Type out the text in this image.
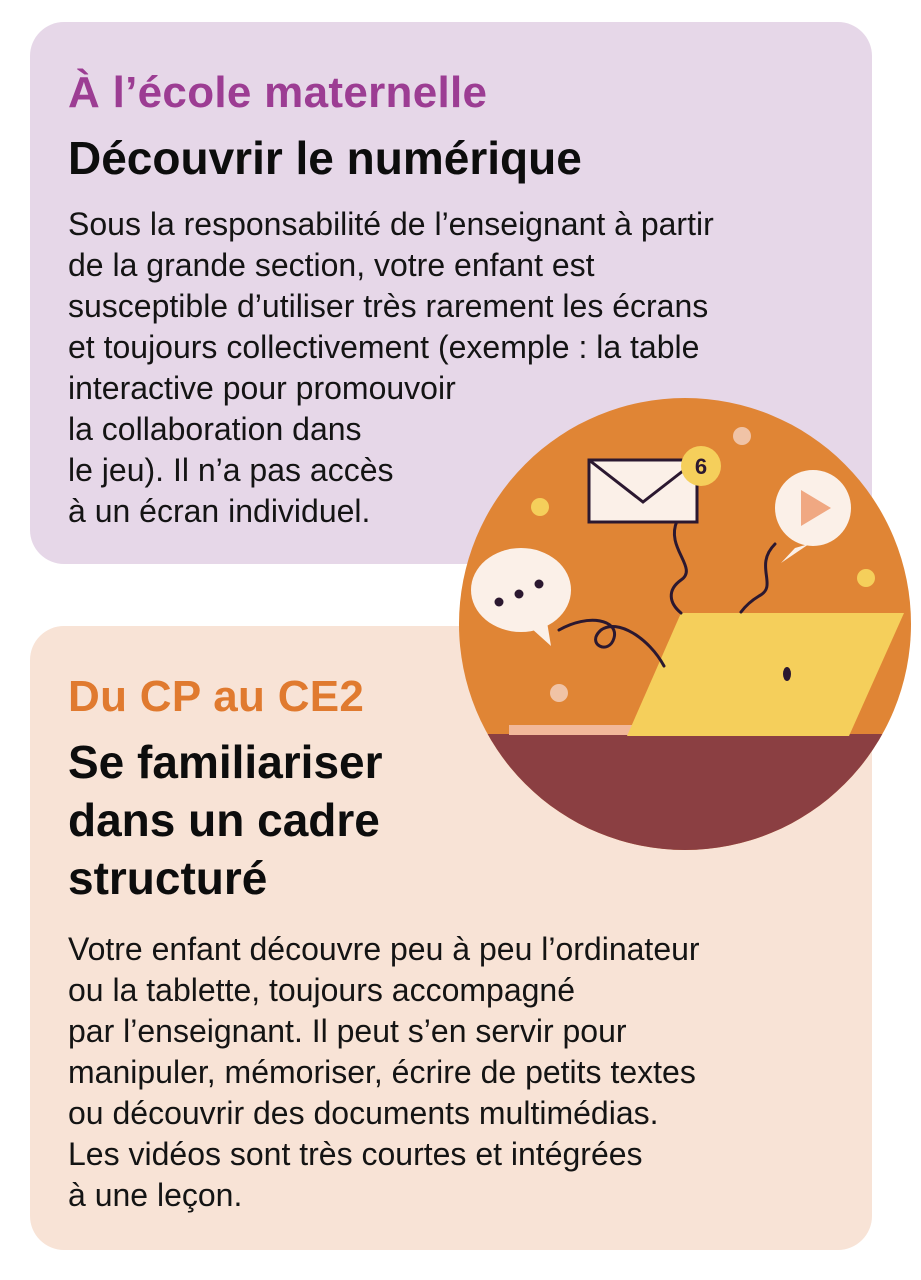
À l’école maternelle
Découvrir le numérique
Sous la responsabilité de l’enseignant à partir
de la grande section, votre enfant est
susceptible d’utiliser très rarement les écrans
et toujours collectivement (exemple : la table
interactive pour promouvoir
la collaboration dans
le jeu). Il n’a pas accès
à un écran individuel.
Du CP au CE2
Se familiariser
dans un cadre
structuré
Votre enfant découvre peu à peu l’ordinateur
ou la tablette, toujours accompagné
par l’enseignant. Il peut s’en servir pour
manipuler, mémoriser, écrire de petits textes
ou découvrir des documents multimédias.
Les vidéos sont très courtes et intégrées
à une leçon.
6
